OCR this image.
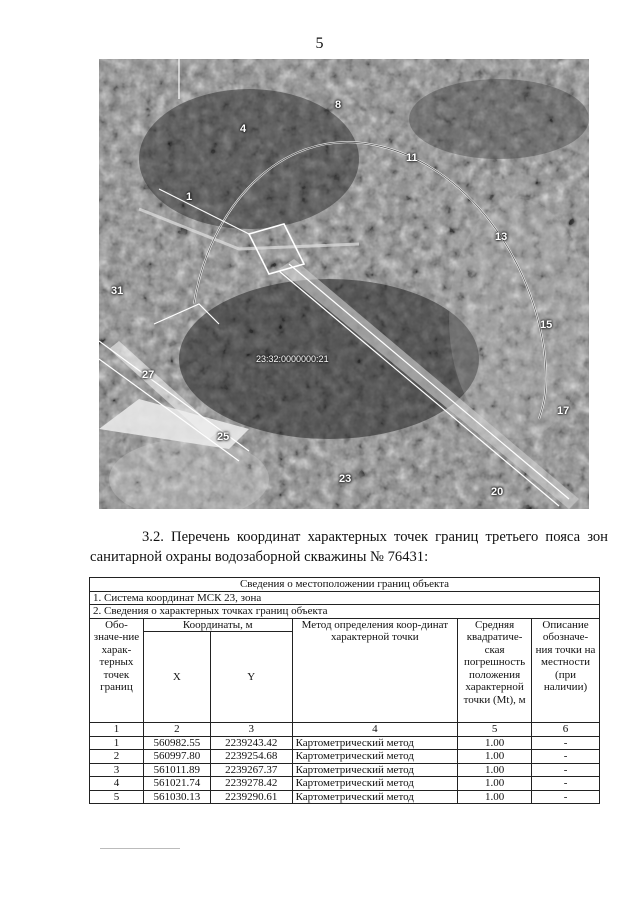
5
8
4
11
1
13
31
15
27
17
25
23
20
23:32:0000000:21
3.2. Перечень координат характерных точек границ третьего пояса зон санитарной охраны водозаборной скважины № 76431:
Сведения о местоположении границ объекта					
1. Система координат МСК 23, зона					
2. Сведения о характерных точках границ объекта					
Обо-значе-ние харак-терных точек границ	Координаты, м		Метод определения коор-динат характерной точки	Средняя квадратиче-ская погрешность положения характерной точки (Mt), м	Описание обозначе-ния точки на местности (при наличии)
	X	Y			
1	2	3	4	5	6
1	560982.55	2239243.42	Картометрический метод	1.00	-
2	560997.80	2239254.68	Картометрический метод	1.00	-
3	561011.89	2239267.37	Картометрический метод	1.00	-
4	561021.74	2239278.42	Картометрический метод	1.00	-
5	561030.13	2239290.61	Картометрический метод	1.00	-
